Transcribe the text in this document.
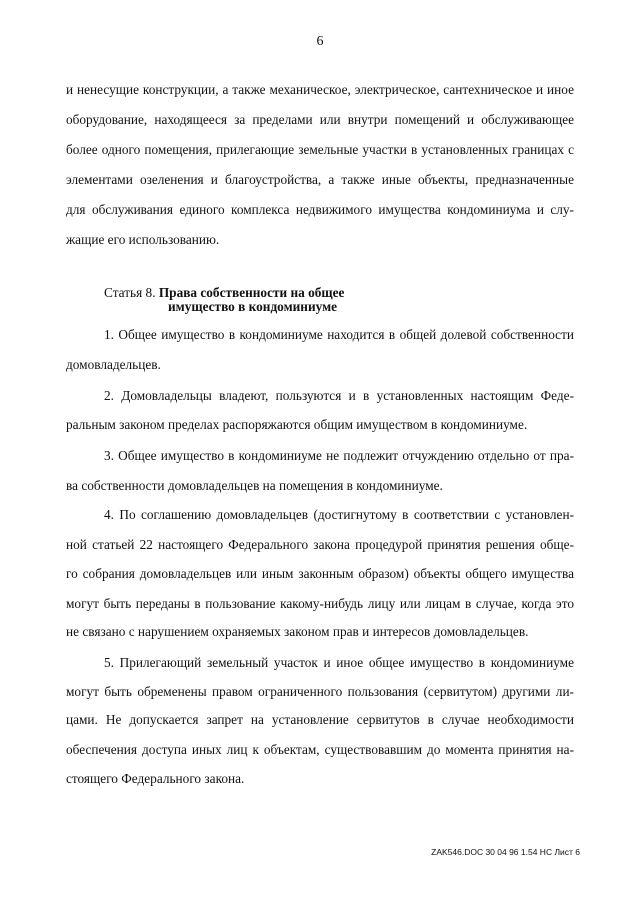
6
и ненесущие конструкции, а также механическое, электрическое, сантехническое и иное
оборудование, находящееся за пределами или внутри помещений и обслуживающее
более одного помещения, прилегающие земельные участки в установленных границах с
элементами озеленения и благоустройства, а также иные объекты, предназначенные
для обслуживания единого комплекса недвижимого имущества кондоминиума и слу-
жащие его использованию.
Статья 8. Права собственности на общее
имущество в кондоминиуме
1. Общее имущество в кондоминиуме находится в общей долевой собственности
домовладельцев.
2. Домовладельцы владеют, пользуются и в установленных настоящим Феде-
ральным законом пределах распоряжаются общим имуществом в кондоминиуме.
3. Общее имущество в кондоминиуме не подлежит отчуждению отдельно от пра-
ва собственности домовладельцев на помещения в кондоминиуме.
4. По соглашению домовладельцев (достигнутому в соответствии с установлен-
ной статьей 22 настоящего Федерального закона процедурой принятия решения обще-
го собрания домовладельцев или иным законным образом) объекты общего имущества
могут быть переданы в пользование какому-нибудь лицу или лицам в случае, когда это
не связано с нарушением охраняемых законом прав и интересов домовладельцев.
5. Прилегающий земельный участок и иное общее имущество в кондоминиуме
могут быть обременены правом ограниченного пользования (сервитутом) другими ли-
цами. Не допускается запрет на установление сервитутов в случае необходимости
обеспечения доступа иных лиц к объектам, существовавшим до момента принятия на-
стоящего Федерального закона.
ZAK546.DOC 30 04 96 1.54 НС Лист 6
